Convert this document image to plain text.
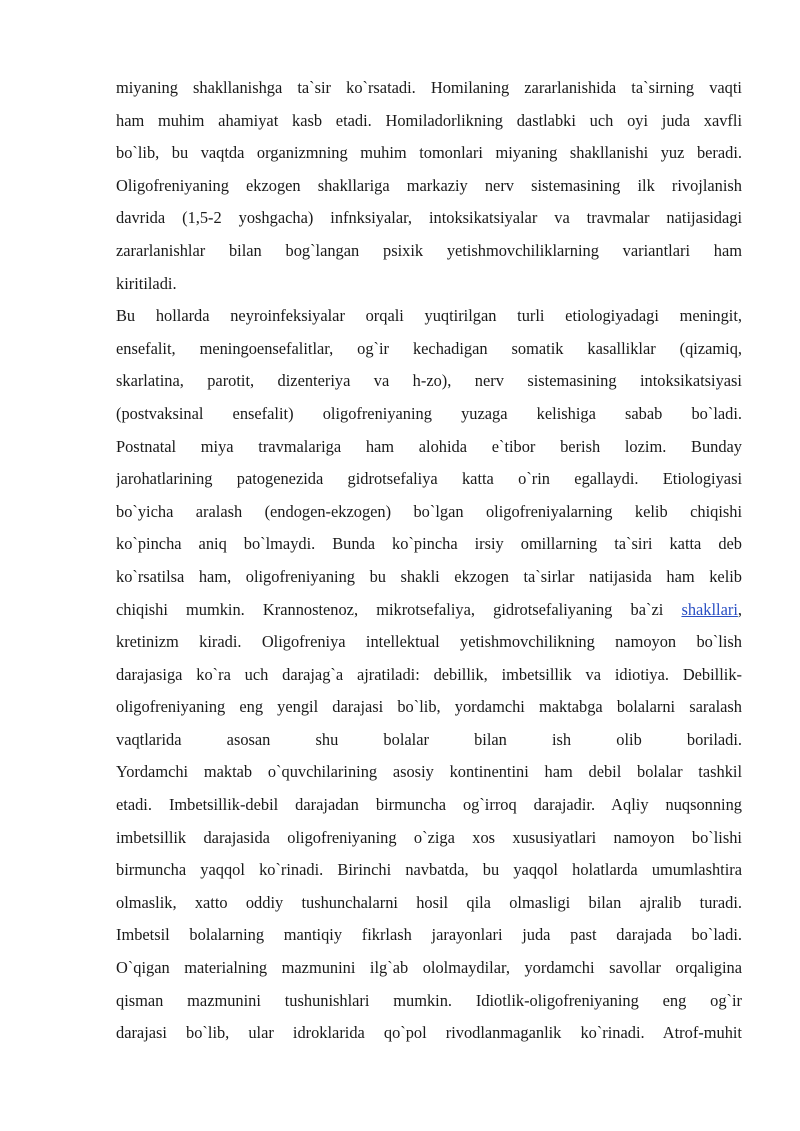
miyaning shakllanishga ta`sir ko`rsatadi. Homilaning zararlanishida ta`sirning vaqti
ham muhim ahamiyat kasb etadi. Homiladorlikning dastlabki uch oyi juda xavfli
bo`lib, bu vaqtda organizmning muhim tomonlari miyaning shakllanishi yuz beradi.
Oligofreniyaning ekzogen shakllariga markaziy nerv sistemasining ilk rivojlanish
davrida (1,5-2 yoshgacha) infnksiyalar, intoksikatsiyalar va travmalar natijasidagi
zararlanishlar bilan bog`langan psixik yetishmovchiliklarning variantlari ham
kiritiladi.
Bu hollarda neyroinfeksiyalar orqali yuqtirilgan turli etiologiyadagi meningit,
ensefalit, meningoensefalitlar, og`ir kechadigan somatik kasalliklar (qizamiq,
skarlatina, parotit, dizenteriya va h-zo), nerv sistemasining intoksikatsiyasi
(postvaksinal ensefalit) oligofreniyaning yuzaga kelishiga sabab bo`ladi.
Postnatal miya travmalariga ham alohida e`tibor berish lozim. Bunday
jarohatlarining patogenezida gidrotsefaliya katta o`rin egallaydi. Etiologiyasi
bo`yicha aralash (endogen-ekzogen) bo`lgan oligofreniyalarning kelib chiqishi
ko`pincha aniq bo`lmaydi. Bunda ko`pincha irsiy omillarning ta`siri katta deb
ko`rsatilsa ham, oligofreniyaning bu shakli ekzogen ta`sirlar natijasida ham kelib
chiqishi mumkin. Krannostenoz, mikrotsefaliya, gidrotsefaliyaning ba`zi shakllari,
kretinizm kiradi. Oligofreniya intellektual yetishmovchilikning namoyon bo`lish
darajasiga ko`ra uch darajag`a ajratiladi: debillik, imbetsillik va idiotiya. Debillik-
oligofreniyaning eng yengil darajasi bo`lib, yordamchi maktabga bolalarni saralash
vaqtlarida asosan shu bolalar bilan ish olib boriladi.
Yordamchi maktab o`quvchilarining asosiy kontinentini ham debil bolalar tashkil
etadi. Imbetsillik-debil darajadan birmuncha og`irroq darajadir. Aqliy nuqsonning
imbetsillik darajasida oligofreniyaning o`ziga xos xususiyatlari namoyon bo`lishi
birmuncha yaqqol ko`rinadi. Birinchi navbatda, bu yaqqol holatlarda umumlashtira
olmaslik, xatto oddiy tushunchalarni hosil qila olmasligi bilan ajralib turadi.
Imbetsil bolalarning mantiqiy fikrlash jarayonlari juda past darajada bo`ladi.
O`qigan materialning mazmunini ilg`ab ololmaydilar, yordamchi savollar orqaligina
qisman mazmunini tushunishlari mumkin. Idiotlik-oligofreniyaning eng og`ir
darajasi bo`lib, ular idroklarida qo`pol rivodlanmaganlik ko`rinadi. Atrof-muhit
